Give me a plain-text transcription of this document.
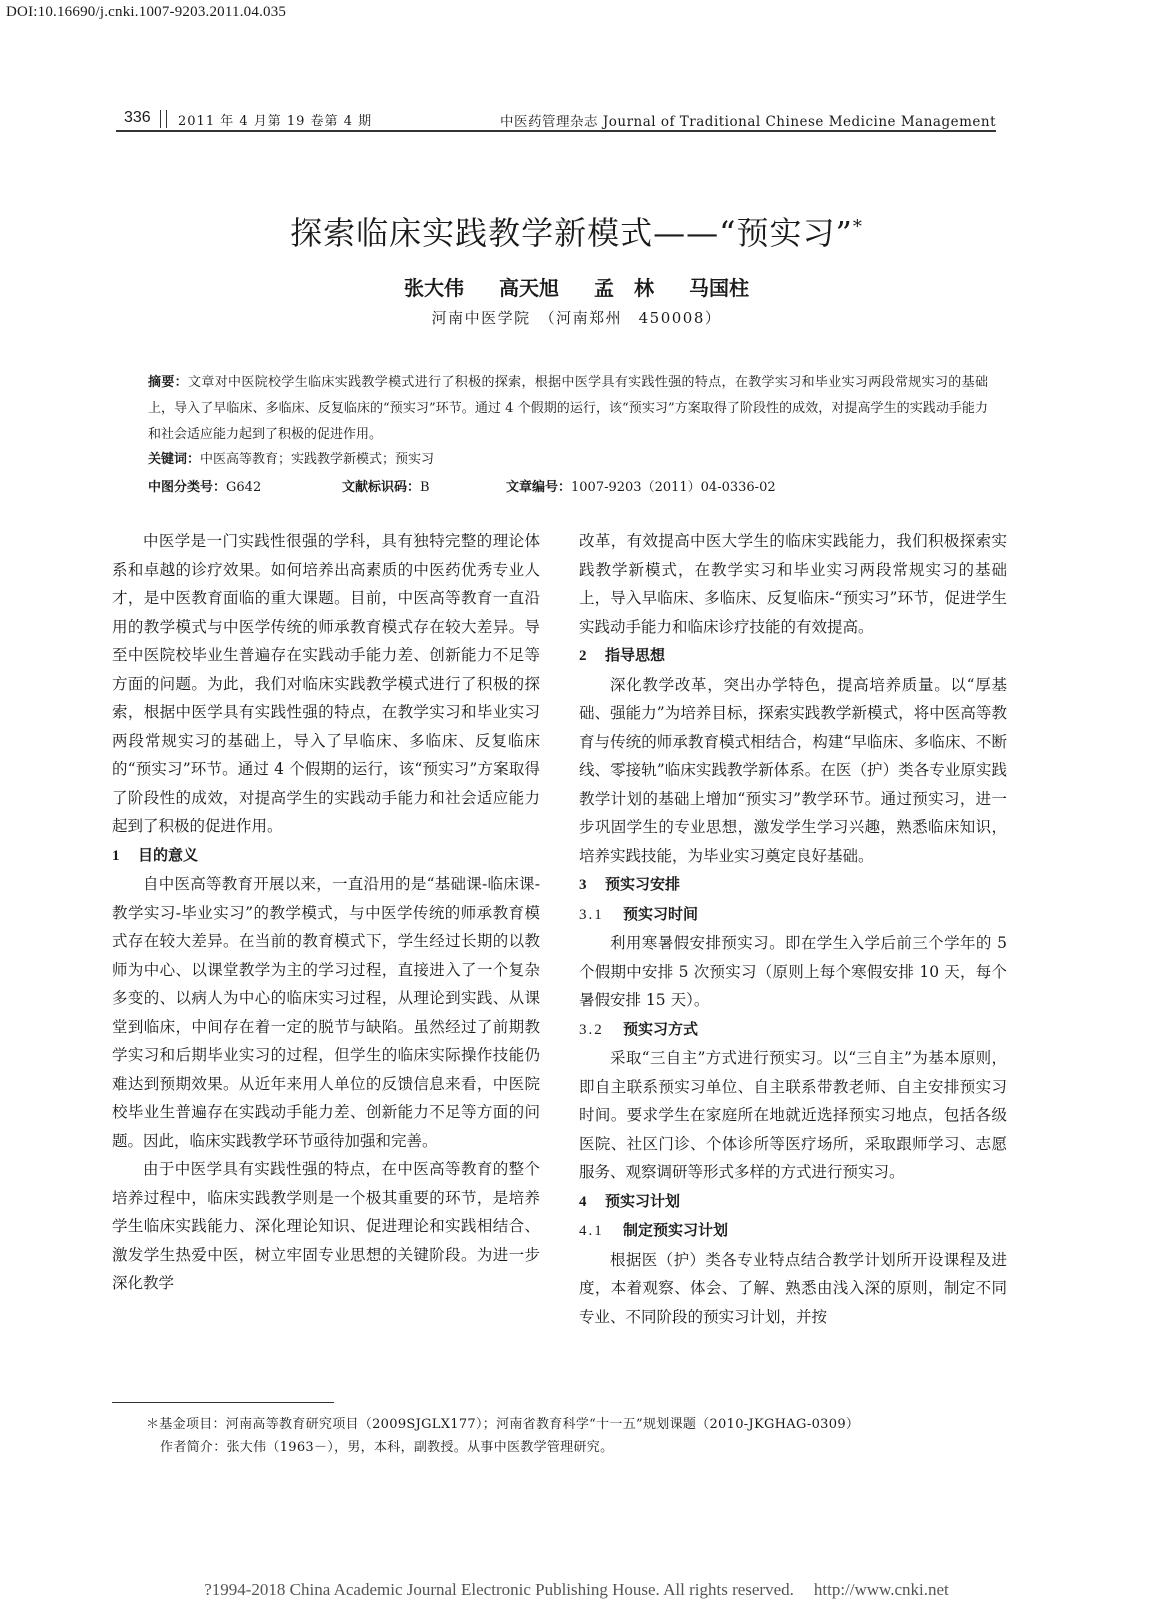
DOI:10.16690/j.cnki.1007-9203.2011.04.035
336 2011 年 4 月第 19 卷第 4 期	中医药管理杂志 Journal of Traditional Chinese Medicine Management
探索临床实践教学新模式——“预实习”*
张大伟 高天旭 孟　林 马国柱
河南中医学院　（河南郑州　450008）
摘要：文章对中医院校学生临床实践教学模式进行了积极的探索，根据中医学具有实践性强的特点，在教学实习和毕业实习两段常规实习的基础上，导入了早临床、多临床、反复临床的“预实习”环节。通过 4 个假期的运行，该“预实习”方案取得了阶段性的成效，对提高学生的实践动手能力和社会适应能力起到了积极的促进作用。
关键词：中医高等教育；实践教学新模式；预实习
中图分类号：G642	文献标识码：B	文章编号：1007-9203（2011）04-0336-02

中医学是一门实践性很强的学科，具有独特完整的理论体系和卓越的诊疗效果。如何培养出高素质的中医药优秀专业人才，是中医教育面临的重大课题。目前，中医高等教育一直沿用的教学模式与中医学传统的师承教育模式存在较大差异。导至中医院校毕业生普遍存在实践动手能力差、创新能力不足等方面的问题。为此，我们对临床实践教学模式进行了积极的探索，根据中医学具有实践性强的特点，在教学实习和毕业实习两段常规实习的基础上，导入了早临床、多临床、反复临床的“预实习”环节。通过 4 个假期的运行，该“预实习”方案取得了阶段性的成效，对提高学生的实践动手能力和社会适应能力起到了积极的促进作用。

1 目的意义

自中医高等教育开展以来，一直沿用的是“基础课-临床课-教学实习-毕业实习”的教学模式，与中医学传统的师承教育模式存在较大差异。在当前的教育模式下，学生经过长期的以教师为中心、以课堂教学为主的学习过程，直接进入了一个复杂多变的、以病人为中心的临床实习过程，从理论到实践、从课堂到临床，中间存在着一定的脱节与缺陷。虽然经过了前期教学实习和后期毕业实习的过程，但学生的临床实际操作技能仍难达到预期效果。从近年来用人单位的反馈信息来看，中医院校毕业生普遍存在实践动手能力差、创新能力不足等方面的问题。因此，临床实践教学环节亟待加强和完善。

由于中医学具有实践性强的特点，在中医高等教育的整个培养过程中，临床实践教学则是一个极其重要的环节，是培养学生临床实践能力、深化理论知识、促进理论和实践相结合、激发学生热爱中医，树立牢固专业思想的关键阶段。为进一步深化教学

改革，有效提高中医大学生的临床实践能力，我们积极探索实践教学新模式，在教学实习和毕业实习两段常规实习的基础上，导入早临床、多临床、反复临床-“预实习”环节，促进学生实践动手能力和临床诊疗技能的有效提高。

2 指导思想

深化教学改革，突出办学特色，提高培养质量。以“厚基础、强能力”为培养目标，探索实践教学新模式，将中医高等教育与传统的师承教育模式相结合，构建“早临床、多临床、不断线、零接轨”临床实践教学新体系。在医（护）类各专业原实践教学计划的基础上增加“预实习”教学环节。通过预实习，进一步巩固学生的专业思想，激发学生学习兴趣，熟悉临床知识，培养实践技能，为毕业实习奠定良好基础。

3 预实习安排
3.1 预实习时间

利用寒暑假安排预实习。即在学生入学后前三个学年的 5 个假期中安排 5 次预实习（原则上每个寒假安排 10 天，每个暑假安排 15 天）。

3.2 预实习方式

采取“三自主”方式进行预实习。以“三自主”为基本原则，即自主联系预实习单位、自主联系带教老师、自主安排预实习时间。要求学生在家庭所在地就近选择预实习地点，包括各级医院、社区门诊、个体诊所等医疗场所，采取跟师学习、志愿服务、观察调研等形式多样的方式进行预实习。

4 预实习计划
4.1 制定预实习计划

根据医（护）类各专业特点结合教学计划所开设课程及进度，本着观察、体会、了解、熟悉由浅入深的原则，制定不同专业、不同阶段的预实习计划，并按

＊基金项目：河南高等教育研究项目（2009SJGLX177）；河南省教育科学“十一五”规划课题（2010-JKGHAG-0309）
作者简介：张大伟（1963－），男，本科，副教授。从事中医教学管理研究。
?1994-2018 China Academic Journal Electronic Publishing House. All rights reserved. http://www.cnki.net
